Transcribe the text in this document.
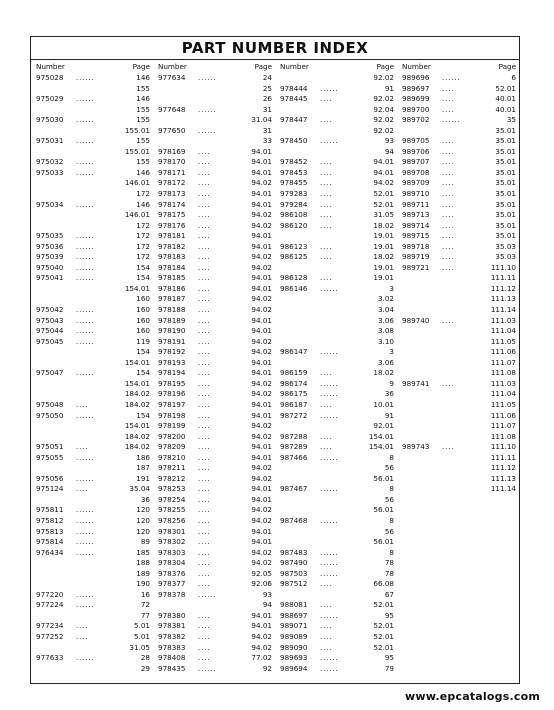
PART NUMBER INDEX
Number	Page
975028 ......	146
155
975029 ......	146
155
975030 ......	155
155.01
975031 ......	155
155.01
975032 ......	155
975033 ......	146
146.01
172
975034 ......	146
146.01
172
975035 ......	172
975036 ......	172
975039 ......	172
975040 ......	154
975041 ......	154
154.01
160
975042 ......	160
975043 ......	160
975044 ......	160
975045 ......	119
154
154.01
975047 ......	154
154.01
184.02
975048 ....	184.02
975050 ......	154
154.01
184.02
975051 ....	184.02
975055 ......	186
187
975056 ......	191
975124 ....	35.04
36
975811 ......	120
975812 ......	120
975813 ......	120
975814 ......	89
976434 ......	185
188
189
190
977220 ......	16
977224 ......	72
77
977234 ....	5.01
977252 ....	5.01
31.05
977633 ......	28
29
Number	Page
977634 ......	24
25
26
977648 ......	31
31.04
977650 ......	31
33
978169 ....	94.01
978170 ....	94.01
978171 ....	94.01
978172 ....	94.02
978173 ....	94.01
978174 ....	94.01
978175 ....	94.02
978176 ....	94.02
978181 ....	94.01
978182 ....	94.01
978183 ....	94.02
978184 ....	94.02
978185 ....	94.01
978186 ....	94.01
978187 ....	94.02
978188 ....	94.02
978189 ....	94.01
978190 ....	94.01
978191 ....	94.02
978192 ....	94.02
978193 ....	94.01
978194 ....	94.01
978195 ....	94.02
978196 ....	94.02
978197 ....	94.01
978198 ....	94.01
978199 ....	94.02
978200 ....	94.02
978209 ....	94.01
978210 ....	94.01
978211 ....	94.02
978212 ....	94.02
978253 ....	94.01
978254 ....	94.01
978255 ....	94.02
978256 ....	94.02
978301 ....	94.01
978302 ....	94.01
978303 ....	94.02
978304 ....	94.02
978376 ....	92.05
978377 ....	92.06
978378 ......	93
94
978380 ....	94.01
978381 ....	94.01
978382 ....	94.02
978383 ....	94.02
978408 ....	77.02
978435 ......	92
Number	Page
92.02
978444 ......	91
978445 ....	92.02
92.04
978447 ....	92.02
92.02
978450 ......	93
94
978452 ....	94.01
978453 ....	94.01
978455 ....	94.02
979283 ....	52.01
979284 ....	52.01
986108 ....	31.05
986120 ....	18.02
19.01
986123 ....	19.01
986125 ....	18.02
19.01
986128 ....	19.01
986146 ......	3
3.02
3.04
3.06
3.08
3.10
986147 ......	3
3.06
986159 ....	18.02
986174 ......	9
986175 ......	36
986187 ....	10.01
987272 ......	91
92.01
987288 ....	154.01
987289 ....	154.01
987466 ......	8
56
56.01
987467 ......	8
56
56.01
987468 ......	8
56
56.01
987483 ......	8
987490 ......	78
987503 ......	78
987512 ....	66.08
67
988081 ....	52.01
988697 ......	95
989071 ....	52.01
989089 ....	52.01
989090 ....	52.01
989693 ......	95
989694 ......	79
Number	Page
989696 ......	6
989697 ....	52.01
989699 ....	40.01
989700 ....	40.01
989702 ......	35
35.01
989705 ....	35.01
989706 ....	35.01
989707 ....	35.01
989708 ....	35.01
989709 ....	35.01
989710 ....	35.01
989711 ....	35.01
989713 ....	35.01
989714 ....	35.01
989715 ....	35.01
989718 ....	35.03
989719 ....	35.03
989721 ....	111.10
111.11
111.12
111.13
111.14
989740 ....	111.03
111.04
111.05
111.06
111.07
111.08
989741 ....	111.03
111.04
111.05
111.06
111.07
111.08
989743 ....	111.10
111.11
111.12
111.13
111.14
www.epcatalogs.com
